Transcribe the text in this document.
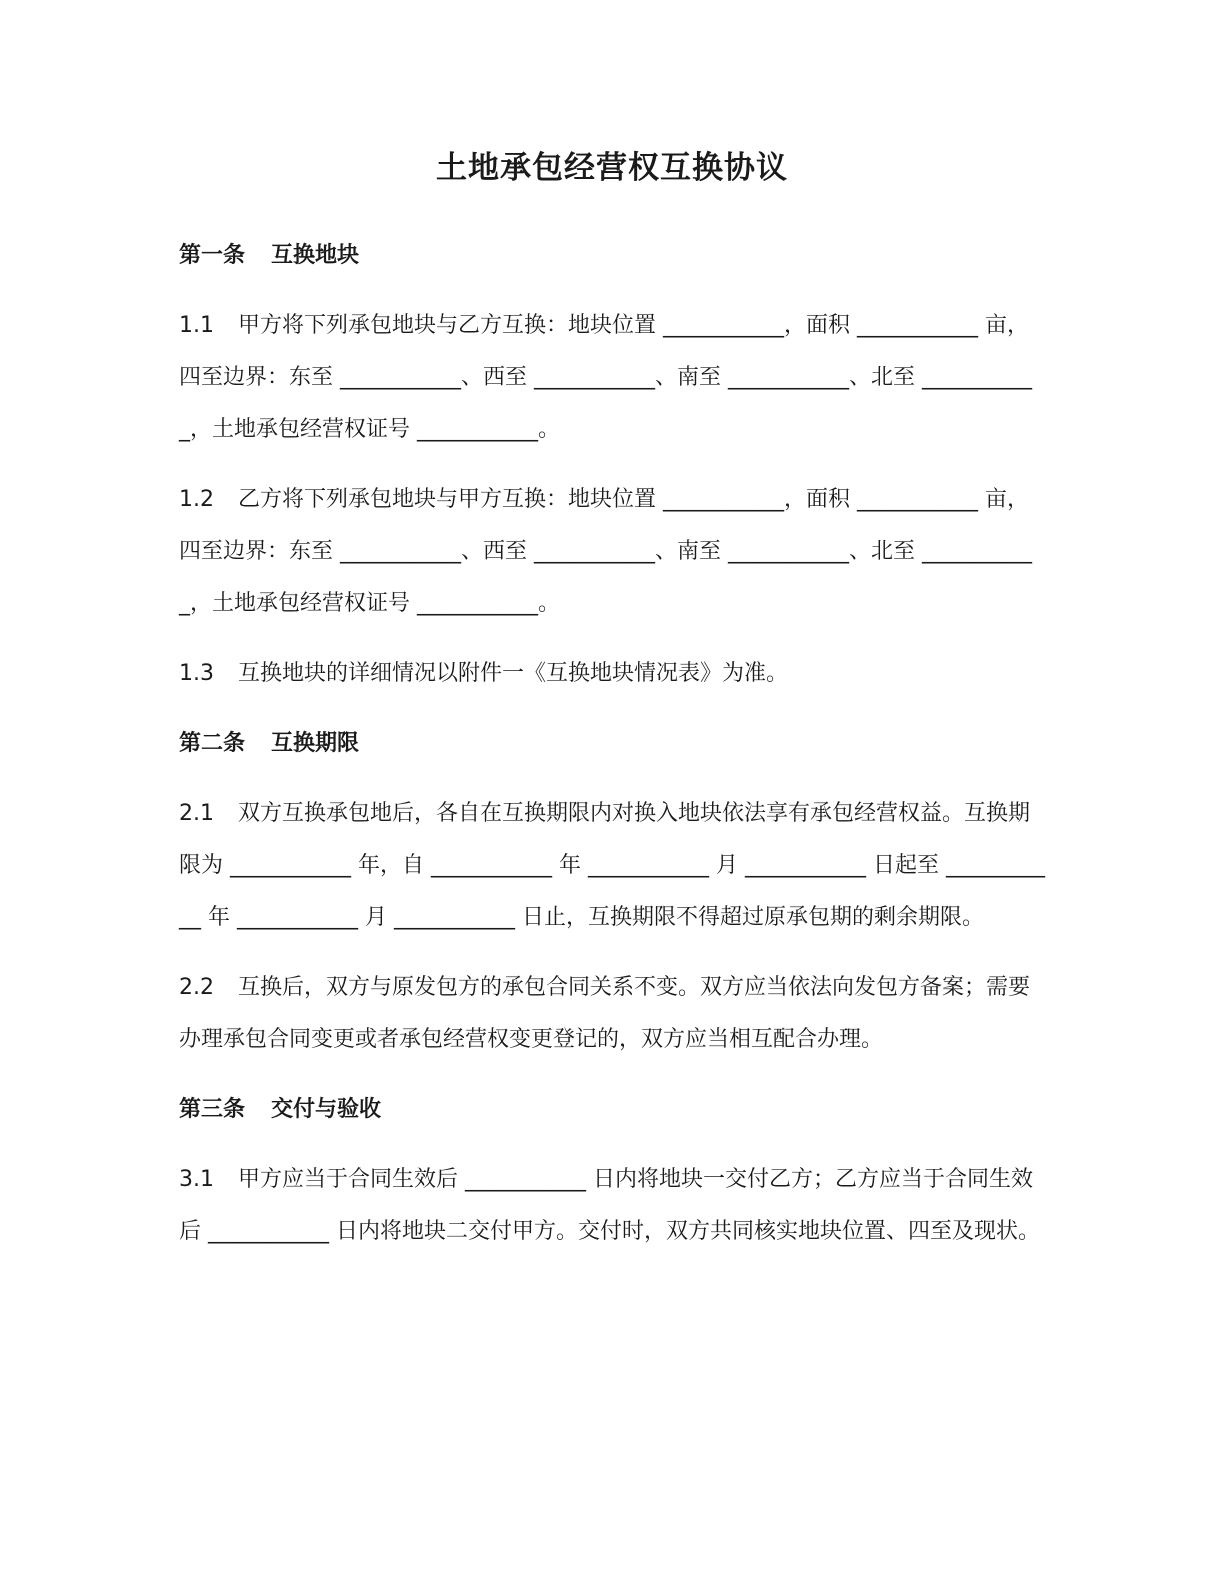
土地承包经营权互换协议
第一条 互换地块
1.1 甲方将下列承包地块与乙方互换：地块位置 ___________，面积 ___________ 亩，四至边界：东至 ___________、西至 ___________、南至 ___________、北至 ___________，土地承包经营权证号 ___________。
1.2 乙方将下列承包地块与甲方互换：地块位置 ___________，面积 ___________ 亩，四至边界：东至 ___________、西至 ___________、南至 ___________、北至 ___________，土地承包经营权证号 ___________。
1.3 互换地块的详细情况以附件一《互换地块情况表》为准。
第二条 互换期限
2.1 双方互换承包地后，各自在互换期限内对换入地块依法享有承包经营权益。互换期限为 ___________ 年，自 ___________ 年 ___________ 月 ___________ 日起至 ___________ 年 ___________ 月 ___________ 日止，互换期限不得超过原承包期的剩余期限。
2.2 互换后，双方与原发包方的承包合同关系不变。双方应当依法向发包方备案；需要办理承包合同变更或者承包经营权变更登记的，双方应当相互配合办理。
第三条 交付与验收
3.1 甲方应当于合同生效后 ___________ 日内将地块一交付乙方；乙方应当于合同生效后 ___________ 日内将地块二交付甲方。交付时，双方共同核实地块位置、四至及现状。
